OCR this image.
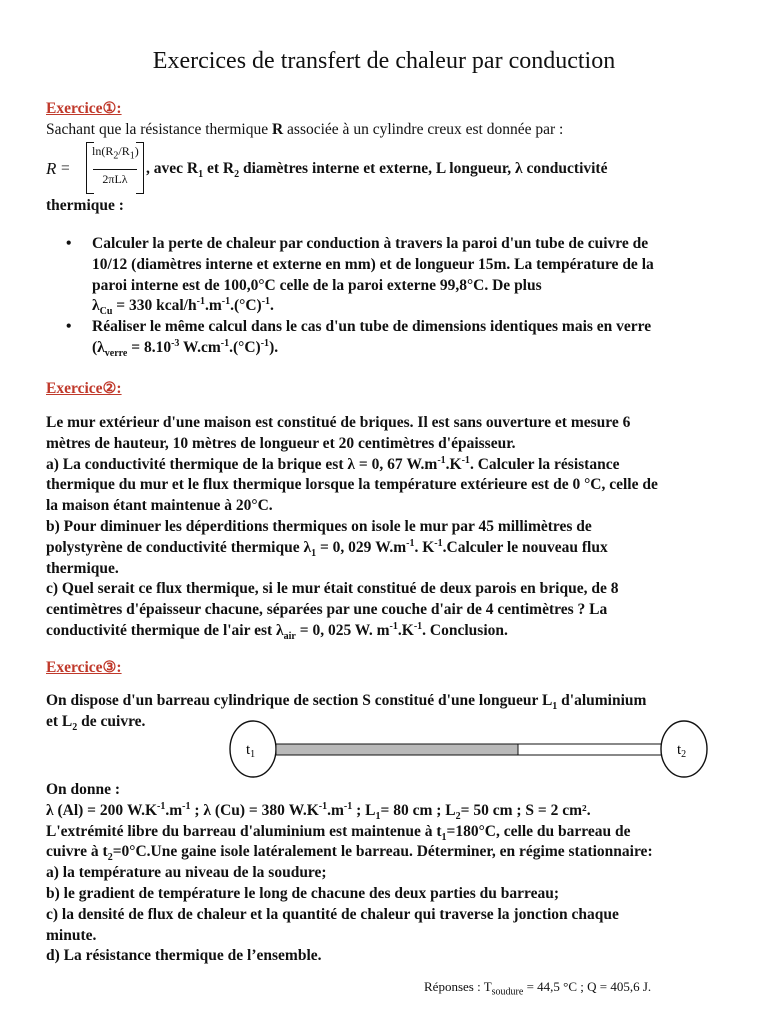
Exercices de transfert de chaleur par conduction
Exercice①:
Sachant que la résistance thermique R associée à un cylindre creux est donnée par :
R =
$\ln(R_2/R_1)$
2πLλ
, avec $R_1$ et $R_2$ diamètres interne et externe, L longueur, λ conductivité
thermique :
• Calculer la perte de chaleur par conduction à travers la paroi d'un tube de cuivre de
10/12 (diamètres interne et externe en mm) et de longueur 15m. La température de la
paroi interne est de 100,0°C celle de la paroi externe 99,8°C. De plus
$\lambda_{Cu} = 330$ kcal/$h^{-1}.m^{-1}.(^\circ C)^{-1}$.
• Réaliser le même calcul dans le cas d'un tube de dimensions identiques mais en verre
($\lambda_{verre} = 8.10^{-3}$ $W.cm^{-1}.(^\circ C)^{-1}$).
Exercice②:
Le mur extérieur d'une maison est constitué de briques. Il est sans ouverture et mesure 6
mètres de hauteur, 10 mètres de longueur et 20 centimètres d'épaisseur.
a) La conductivité thermique de la brique est λ = 0, 67 $W.m^{-1}.K^{-1}$. Calculer la résistance
thermique du mur et le flux thermique lorsque la température extérieure est de 0 °C, celle de
la maison étant maintenue à 20°C.
b) Pour diminuer les déperditions thermiques on isole le mur par 45 millimètres de
polystyrène de conductivité thermique $\lambda_1 = 0$, 029 $W.m^{-1}$. $K^{-1}.Calculer$ le nouveau flux
thermique.
c) Quel serait ce flux thermique, si le mur était constitué de deux parois en brique, de 8
centimètres d'épaisseur chacune, séparées par une couche d'air de 4 centimètres ? La
conductivité thermique de l'air est $\lambda_{air} = 0$, 025 W. $m^{-1}.K^{-1}$. Conclusion.
Exercice③:
On dispose d'un barreau cylindrique de section S constitué d'une longueur $L_1$ d'aluminium
et $L_2$ de cuivre.
$t_1$	$t_2$
On donne :
λ (Al) = 200 $W.K^{-1}.m^{-1}$ ; λ (Cu) = 380 $W.K^{-1}.m^{-1}$ ; $L_1= 80$ cm ; $L_2= 50$ cm ; S = 2 cm².
L'extrémité libre du barreau d'aluminium est maintenue à $t_1=180^\circ C$, celle du barreau de
cuivre à $t_2=0^\circ C.Une$ gaine isole latéralement le barreau. Déterminer, en régime stationnaire:
a) la température au niveau de la soudure;
b) le gradient de température le long de chacune des deux parties du barreau;
c) la densité de flux de chaleur et la quantité de chaleur qui traverse la jonction chaque
minute.
d) La résistance thermique de l’ensemble.
Réponses : $T_{soudure} = 44,5$ °C ; Q = 405,6 J.
